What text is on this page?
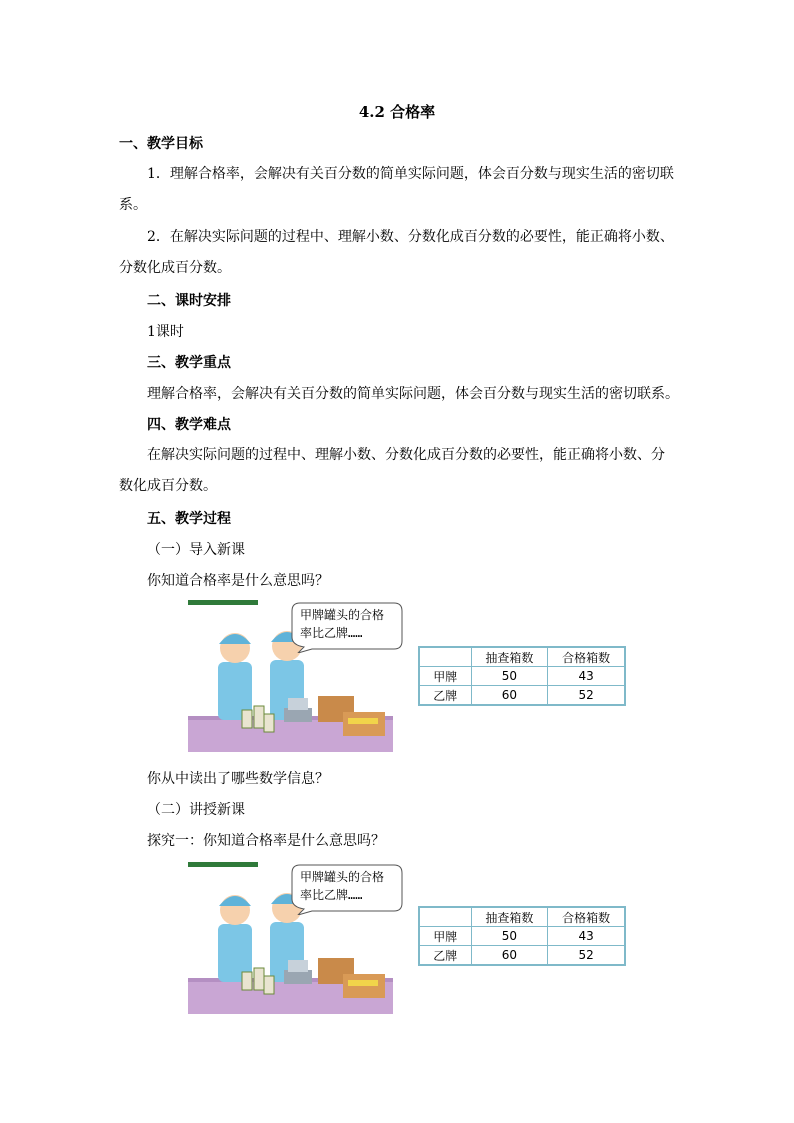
4.2 合格率
一、教学目标
1．理解合格率，会解决有关百分数的简单实际问题，体会百分数与现实生活的密切联系。
2．在解决实际问题的过程中、理解小数、分数化成百分数的必要性，能正确将小数、分数化成百分数。
二、课时安排
1课时
三、教学重点
理解合格率，会解决有关百分数的简单实际问题，体会百分数与现实生活的密切联系。
四、教学难点
在解决实际问题的过程中、理解小数、分数化成百分数的必要性，能正确将小数、分数化成百分数。
五、教学过程
（一）导入新课
你知道合格率是什么意思吗？
甲牌罐头的合格
率比乙牌……
	抽查箱数	合格箱数
甲牌	50	43
乙牌	60	52
你从中读出了哪些数学信息？
（二）讲授新课
探究一：你知道合格率是什么意思吗？
甲牌罐头的合格
率比乙牌……
	抽查箱数	合格箱数
甲牌	50	43
乙牌	60	52
